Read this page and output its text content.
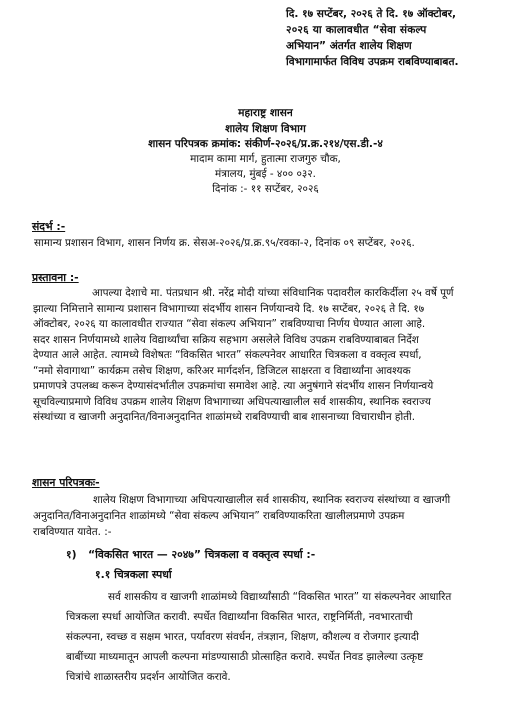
दि. १७ सप्टेंबर, २०२६ ते दि. १७ ऑक्टोबर,
२०२६ या कालावधीत “सेवा संकल्प
अभियान” अंतर्गत शालेय शिक्षण
विभागामार्फत विविध उपक्रम राबविण्याबाबत.
महाराष्ट्र शासन
शालेय शिक्षण विभाग
शासन परिपत्रक क्रमांक: संकीर्ण-२०२६/प्र.क्र.२१४/एस.डी.-४
मादाम कामा मार्ग, हुतात्मा राजगुरु चौक,
मंत्रालय, मुंबई - ४०० ०३२.
दिनांक :- ११ सप्टेंबर, २०२६
संदर्भ :-
सामान्य प्रशासन विभाग, शासन निर्णय क्र. सेसअ-२०२६/प्र.क्र.९५/रवका-२, दिनांक ०९ सप्टेंबर, २०२६.
प्रस्तावना :-
आपल्या देशाचे मा. पंतप्रधान श्री. नरेंद्र मोदी यांच्या संविधानिक पदावरील कारकिर्दीला २५ वर्षे पूर्ण
झाल्या निमित्ताने सामान्य प्रशासन विभागाच्या संदर्भीय शासन निर्णयान्वये दि. १७ सप्टेंबर, २०२६ ते दि. १७
ऑक्टोबर, २०२६ या कालावधीत राज्यात “सेवा संकल्प अभियान” राबविण्याचा निर्णय घेण्यात आला आहे.
सदर शासन निर्णयामध्ये शालेय विद्यार्थ्यांचा सक्रिय सहभाग असलेले विविध उपक्रम राबविण्याबाबत निर्देश
देण्यात आले आहेत. त्यामध्ये विशेषतः “विकसित भारत” संकल्पनेवर आधारित चित्रकला व वक्तृत्व स्पर्धा,
“नमो सेवागाथा” कार्यक्रम तसेच शिक्षण, करिअर मार्गदर्शन, डिजिटल साक्षरता व विद्यार्थ्यांना आवश्यक
प्रमाणपत्रे उपलब्ध करून देण्यासंदर्भातील उपक्रमांचा समावेश आहे. त्या अनुषंगाने संदर्भीय शासन निर्णयान्वये
सूचविल्याप्रमाणे विविध उपक्रम शालेय शिक्षण विभागाच्या अधिपत्याखालील सर्व शासकीय, स्थानिक स्वराज्य
संस्थांच्या व खाजगी अनुदानित/विनाअनुदानित शाळांमध्ये राबविण्याची बाब शासनाच्या विचाराधीन होती.
शासन परिपत्रकः-
शालेय शिक्षण विभागाच्या अधिपत्याखालील सर्व शासकीय, स्थानिक स्वराज्य संस्थांच्या व खाजगी
अनुदानित/विनाअनुदानित शाळांमध्ये “सेवा संकल्प अभियान” राबविण्याकरिता खालीलप्रमाणे उपक्रम
राबविण्यात यावेत. :-
१) “विकसित भारत — २०४७” चित्रकला व वक्तृत्व स्पर्धा :-
१.१ चित्रकला स्पर्धा
सर्व शासकीय व खाजगी शाळांमध्ये विद्यार्थ्यांसाठी “विकसित भारत” या संकल्पनेवर आधारित
चित्रकला स्पर्धा आयोजित करावी. स्पर्धेत विद्यार्थ्यांना विकसित भारत, राष्ट्रनिर्मिती, नवभारताची
संकल्पना, स्वच्छ व सक्षम भारत, पर्यावरण संवर्धन, तंत्रज्ञान, शिक्षण, कौशल्य व रोजगार इत्यादी
बाबींच्या माध्यमातून आपली कल्पना मांडण्यासाठी प्रोत्साहित करावे. स्पर्धेत निवड झालेल्या उत्कृष्ट
चित्रांचे शाळास्तरीय प्रदर्शन आयोजित करावे.
